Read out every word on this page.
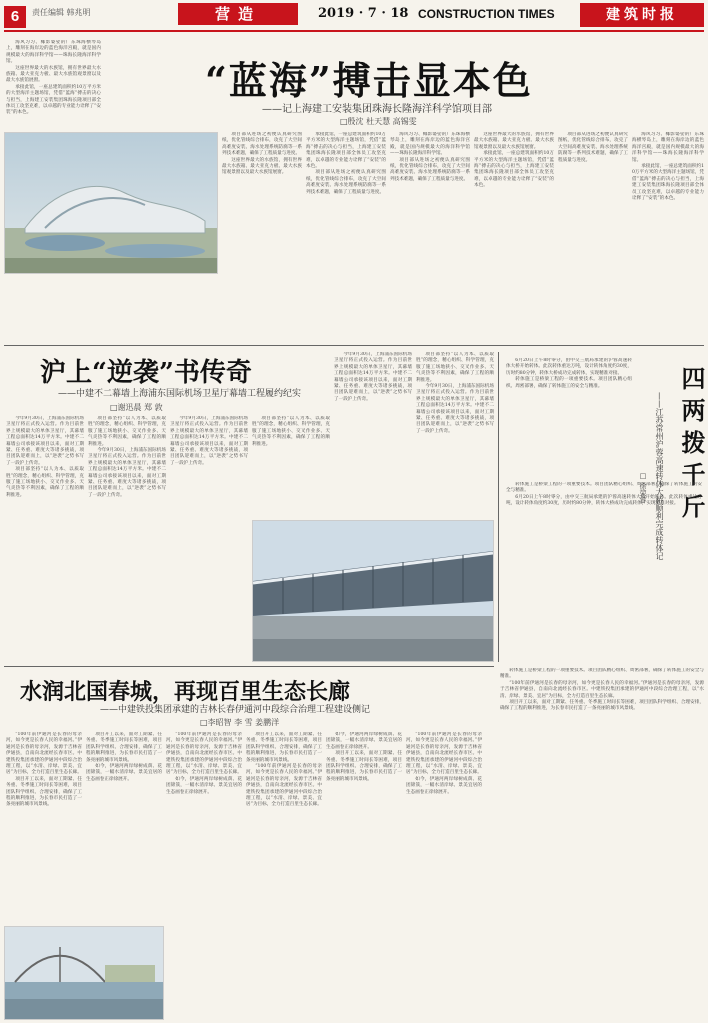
6	责任编辑 韩兆明	营造	2019 · 7 · 18 CONSTRUCTION TIMES	建筑时报

海风习习、椰影婆娑的广东珠海横琴岛上，雕刻在海岸边的蓝色海洋宫殿，就是国内规模最大的海洋科学馆——珠海长隆海洋科学馆。

这座世界最大的水族馆，拥有世界最大水族箱、最大亚克力板、最大水族馆观景窗以及最大水族馆展窗。

承接此馆，一座总建筑面积约10万平方米的大型海洋主题场馆，凭借“蓝海”搏击的决心与担当，上海建工安装集团珠海长隆项目部全体员工攻坚克难，以卓越的专业能力诠释了“安装”的本色。

“蓝海”搏击显本色
——记上海建工安装集团珠海长隆海洋科学馆项目部
□殷沈 杜天慧 高锡雯

项目部从进场之初便认真研究图纸，优化管线综合排布，攻克了大空间高难度安装、海水处理系统防腐等一系列技术难题，确保了工程质量与进度。

这座世界最大的水族馆，拥有世界最大水族箱、最大亚克力板、最大水族馆观景窗以及最大水族馆展窗。

承接此馆，一座总建筑面积约10万平方米的大型海洋主题场馆，凭借“蓝海”搏击的决心与担当，上海建工安装集团珠海长隆项目部全体员工攻坚克难，以卓越的专业能力诠释了“安装”的本色。

项目部从进场之初便认真研究图纸，优化管线综合排布，攻克了大空间高难度安装、海水处理系统防腐等一系列技术难题，确保了工程质量与进度。

海风习习、椰影婆娑的广东珠海横琴岛上，雕刻在海岸边的蓝色海洋宫殿，就是国内规模最大的海洋科学馆——珠海长隆海洋科学馆。

项目部从进场之初便认真研究图纸，优化管线综合排布，攻克了大空间高难度安装、海水处理系统防腐等一系列技术难题，确保了工程质量与进度。

这座世界最大的水族馆，拥有世界最大水族箱、最大亚克力板、最大水族馆观景窗以及最大水族馆展窗。

承接此馆，一座总建筑面积约10万平方米的大型海洋主题场馆，凭借“蓝海”搏击的决心与担当，上海建工安装集团珠海长隆项目部全体员工攻坚克难，以卓越的专业能力诠释了“安装”的本色。

项目部从进场之初便认真研究图纸，优化管线综合排布，攻克了大空间高难度安装、海水处理系统防腐等一系列技术难题，确保了工程质量与进度。

海风习习、椰影婆娑的广东珠海横琴岛上，雕刻在海岸边的蓝色海洋宫殿，就是国内规模最大的海洋科学馆——珠海长隆海洋科学馆。

承接此馆，一座总建筑面积约10万平方米的大型海洋主题场馆，凭借“蓝海”搏击的决心与担当，上海建工安装集团珠海长隆项目部全体员工攻坚克难，以卓越的专业能力诠释了“安装”的本色。

沪上“逆袭”书传奇
——中建不二幕墙上海浦东国际机场卫星厅幕墙工程履约纪实
□谢迅晨 郑 敦

今年9月30日，上海浦东国际机场卫星厅将正式投入运营。作为目前世界上规模最大的单体卫星厅，其幕墙工程总面积达14万平方米。中建不二幕墙公司承接该项目以来，面对工期紧、任务重、难度大等诸多挑战，项目团队迎难而上，以“逆袭”之势书写了一段沪上传奇。

项目部坚持“以人为本、以质取胜”的理念，精心组织、科学管理，克服了施工场地狭小、交叉作业多、天气炎热等不利因素，确保了工程的顺利推进。

项目部坚持“以人为本、以质取胜”的理念，精心组织、科学管理，克服了施工场地狭小、交叉作业多、天气炎热等不利因素，确保了工程的顺利推进。

今年9月30日，上海浦东国际机场卫星厅将正式投入运营。作为目前世界上规模最大的单体卫星厅，其幕墙工程总面积达14万平方米。中建不二幕墙公司承接该项目以来，面对工期紧、任务重、难度大等诸多挑战，项目团队迎难而上，以“逆袭”之势书写了一段沪上传奇。

今年9月30日，上海浦东国际机场卫星厅将正式投入运营。作为目前世界上规模最大的单体卫星厅，其幕墙工程总面积达14万平方米。中建不二幕墙公司承接该项目以来，面对工期紧、任务重、难度大等诸多挑战，项目团队迎难而上，以“逆袭”之势书写了一段沪上传奇。

项目部坚持“以人为本、以质取胜”的理念，精心组织、科学管理，克服了施工场地狭小、交叉作业多、天气炎热等不利因素，确保了工程的顺利推进。

今年9月30日，上海浦东国际机场卫星厅将正式投入运营。作为目前世界上规模最大的单体卫星厅，其幕墙工程总面积达14万平方米。中建不二幕墙公司承接该项目以来，面对工期紧、任务重、难度大等诸多挑战，项目团队迎难而上，以“逆袭”之势书写了一段沪上传奇。

项目部坚持“以人为本、以质取胜”的理念，精心组织、科学管理，克服了施工场地狭小、交叉作业多、天气炎热等不利因素，确保了工程的顺利推进。

今年9月30日，上海浦东国际机场卫星厅将正式投入运营。作为目前世界上规模最大的单体卫星厅，其幕墙工程总面积达14万平方米。中建不二幕墙公司承接该项目以来，面对工期紧、任务重、难度大等诸多挑战，项目团队迎难而上，以“逆袭”之势书写了一段沪上传奇。	四两拨千斤
——江苏常州沪蓉高速转体大桥顺利完成转体记
□ 徐荣睿

6月20日上午8时零分，由中交三航局承建的沪蓉高速转体大桥开始转体。此次转体重达万吨，设计转体角度约30度，历时约80分钟，转体大桥成功完成转体，实现精准对接。

转体施工是桥梁工程的一项重要技术。项目团队精心组织、周密部署，确保了转体施工的安全与精准。

转体施工是桥梁工程的一项重要技术。项目团队精心组织、周密部署，确保了转体施工的安全与精准。

6月20日上午8时零分，由中交三航局承建的沪蓉高速转体大桥开始转体。此次转体重达万吨，设计转体角度约30度，历时约80分钟，转体大桥成功完成转体，实现精准对接。

水润北国春城，再现百里生态长廊
——中建铁投集团承建的吉林长春伊通河中段综合治理工程建设侧记
□李昭智 李 雪 姜鹏洋

“100年前伊通河是长春的母亲河，如今更是长春人民的幸福河。”伊通河是长春的母亲河，发源于吉林省伊通县，自南向北流经长春市区。中建铁投集团承建的伊通河中段综合治理工程，以“水清、岸绿、景美、宜居”为目标，全力打造百里生态长廊。

项目开工以来，面对工期紧、任务重、冬季施工时间长等困难，项目团队科学组织、合理安排，确保了工程的顺利推进，为长春市民打造了一条亮丽的城市风景线。

项目开工以来，面对工期紧、任务重、冬季施工时间长等困难，项目团队科学组织、合理安排，确保了工程的顺利推进，为长春市民打造了一条亮丽的城市风景线。

如今，伊通河两岸绿树成荫、花团锦簇，一幅水清岸绿、景美宜居的生态画卷正徐徐展开。

“100年前伊通河是长春的母亲河，如今更是长春人民的幸福河。”伊通河是长春的母亲河，发源于吉林省伊通县，自南向北流经长春市区。中建铁投集团承建的伊通河中段综合治理工程，以“水清、岸绿、景美、宜居”为目标，全力打造百里生态长廊。

如今，伊通河两岸绿树成荫、花团锦簇，一幅水清岸绿、景美宜居的生态画卷正徐徐展开。

项目开工以来，面对工期紧、任务重、冬季施工时间长等困难，项目团队科学组织、合理安排，确保了工程的顺利推进，为长春市民打造了一条亮丽的城市风景线。

“100年前伊通河是长春的母亲河，如今更是长春人民的幸福河。”伊通河是长春的母亲河，发源于吉林省伊通县，自南向北流经长春市区。中建铁投集团承建的伊通河中段综合治理工程，以“水清、岸绿、景美、宜居”为目标，全力打造百里生态长廊。

如今，伊通河两岸绿树成荫、花团锦簇，一幅水清岸绿、景美宜居的生态画卷正徐徐展开。

项目开工以来，面对工期紧、任务重、冬季施工时间长等困难，项目团队科学组织、合理安排，确保了工程的顺利推进，为长春市民打造了一条亮丽的城市风景线。

“100年前伊通河是长春的母亲河，如今更是长春人民的幸福河。”伊通河是长春的母亲河，发源于吉林省伊通县，自南向北流经长春市区。中建铁投集团承建的伊通河中段综合治理工程，以“水清、岸绿、景美、宜居”为目标，全力打造百里生态长廊。

如今，伊通河两岸绿树成荫、花团锦簇，一幅水清岸绿、景美宜居的生态画卷正徐徐展开。

转体施工是桥梁工程的一项重要技术。项目团队精心组织、周密部署，确保了转体施工的安全与精准。

“100年前伊通河是长春的母亲河，如今更是长春人民的幸福河。”伊通河是长春的母亲河，发源于吉林省伊通县，自南向北流经长春市区。中建铁投集团承建的伊通河中段综合治理工程，以“水清、岸绿、景美、宜居”为目标，全力打造百里生态长廊。

项目开工以来，面对工期紧、任务重、冬季施工时间长等困难，项目团队科学组织、合理安排，确保了工程的顺利推进，为长春市民打造了一条亮丽的城市风景线。
